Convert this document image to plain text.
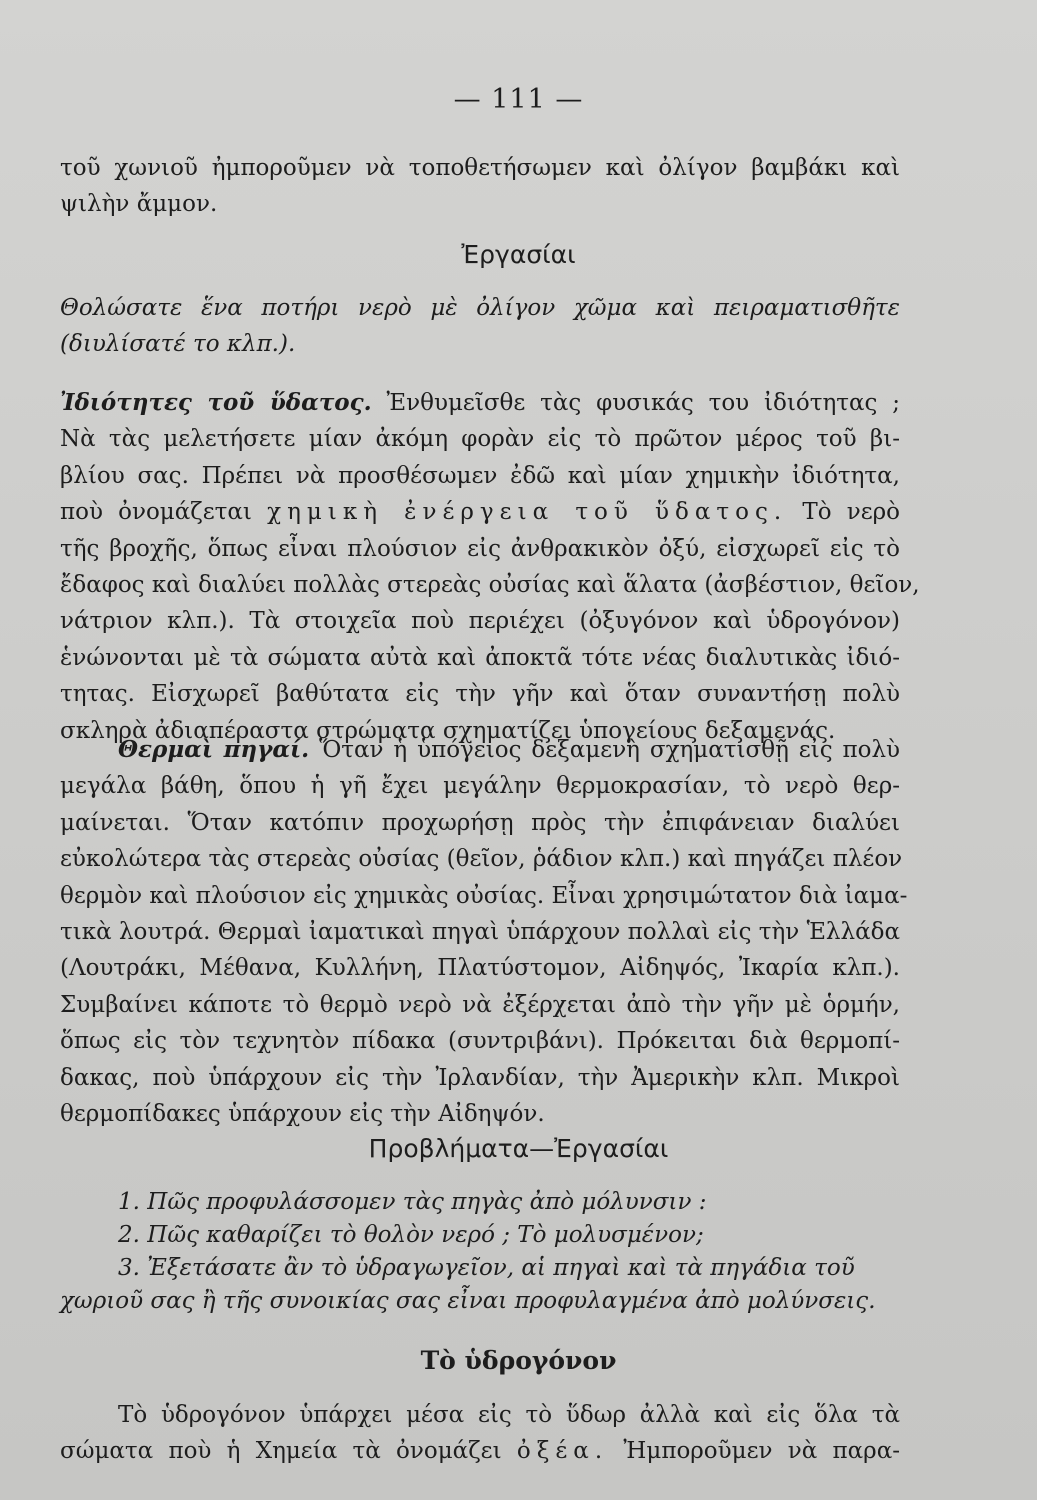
— 111 —
τοῦ χωνιοῦ ἠμποροῦμεν νὰ τοποθετήσωμεν καὶ ὀλίγον βαμβάκι καὶ
ψιλὴν ἄμμον.
Ἐργασίαι
Θολώσατε ἕνα ποτήρι νερὸ μὲ ὀλίγον χῶμα καὶ πειραματισθῆτε
(διυλίσατέ το κλπ.).
Ἰδιότητες τοῦ ὕδατος. Ἐνθυμεῖσθε τὰς φυσικάς του ἰδιότητας ;
Νὰ τὰς μελετήσετε μίαν ἀκόμη φορὰν εἰς τὸ πρῶτον μέρος τοῦ βι-
βλίου σας. Πρέπει νὰ προσθέσωμεν ἐδῶ καὶ μίαν χημικὴν ἰδιότητα,
ποὺ ὀνομάζεται χημικὴ ἐνέργεια τοῦ ὕδατος. Τὸ νερὸ
τῆς βροχῆς, ὅπως εἶναι πλούσιον εἰς ἀνθρακικὸν ὀξύ, εἰσχωρεῖ εἰς τὸ
ἔδαφος καὶ διαλύει πολλὰς στερεὰς οὐσίας καὶ ἅλατα (ἀσβέστιον, θεῖον,
νάτριον κλπ.). Τὰ στοιχεῖα ποὺ περιέχει (ὀξυγόνον καὶ ὑδρογόνον)
ἑνώνονται μὲ τὰ σώματα αὐτὰ καὶ ἀποκτᾶ τότε νέας διαλυτικὰς ἰδιό-
τητας. Εἰσχωρεῖ βαθύτατα εἰς τὴν γῆν καὶ ὅταν συναντήσῃ πολὺ
σκληρὰ ἀδιαπέραστα στρώματα σχηματίζει ὑπογείους δεξαμενάς.
Θερμαὶ πηγαί. Ὅταν ἡ ὑπόγειος δεξαμενὴ σχηματισθῇ εἰς πολὺ
μεγάλα βάθη, ὅπου ἡ γῆ ἔχει μεγάλην θερμοκρασίαν, τὸ νερὸ θερ-
μαίνεται. Ὅταν κατόπιν προχωρήσῃ πρὸς τὴν ἐπιφάνειαν διαλύει
εὐκολώτερα τὰς στερεὰς οὐσίας (θεῖον, ῥάδιον κλπ.) καὶ πηγάζει πλέον
θερμὸν καὶ πλούσιον εἰς χημικὰς οὐσίας. Εἶναι χρησιμώτατον διὰ ἰαμα-
τικὰ λουτρά. Θερμαὶ ἰαματικαὶ πηγαὶ ὑπάρχουν πολλαὶ εἰς τὴν Ἑλλάδα
(Λουτράκι, Μέθανα, Κυλλήνη, Πλατύστομον, Αἰδηψός, Ἰκαρία κλπ.).
Συμβαίνει κάποτε τὸ θερμὸ νερὸ νὰ ἐξέρχεται ἀπὸ τὴν γῆν μὲ ὁρμήν,
ὅπως εἰς τὸν τεχνητὸν πίδακα (συντριβάνι). Πρόκειται διὰ θερμοπί-
δακας, ποὺ ὑπάρχουν εἰς τὴν Ἰρλανδίαν, τὴν Ἀμερικὴν κλπ. Μικροὶ
θερμοπίδακες ὑπάρχουν εἰς τὴν Αἰδηψόν.
Προβλήματα—Ἐργασίαι
1. Πῶς προφυλάσσομεν τὰς πηγὰς ἀπὸ μόλυνσιν :
2. Πῶς καθαρίζει τὸ θολὸν νερό ; Τὸ μολυσμένον;
3. Ἐξετάσατε ἂν τὸ ὑδραγωγεῖον, αἱ πηγαὶ καὶ τὰ πηγάδια τοῦ
χωριοῦ σας ἢ τῆς συνοικίας σας εἶναι προφυλαγμένα ἀπὸ μολύνσεις.
Τὸ ὑδρογόνον
Τὸ ὑδρογόνον ὑπάρχει μέσα εἰς τὸ ὕδωρ ἀλλὰ καὶ εἰς ὅλα τὰ
σώματα ποὺ ἡ Χημεία τὰ ὀνομάζει ὀξέα. Ἠμποροῦμεν νὰ παρα-
